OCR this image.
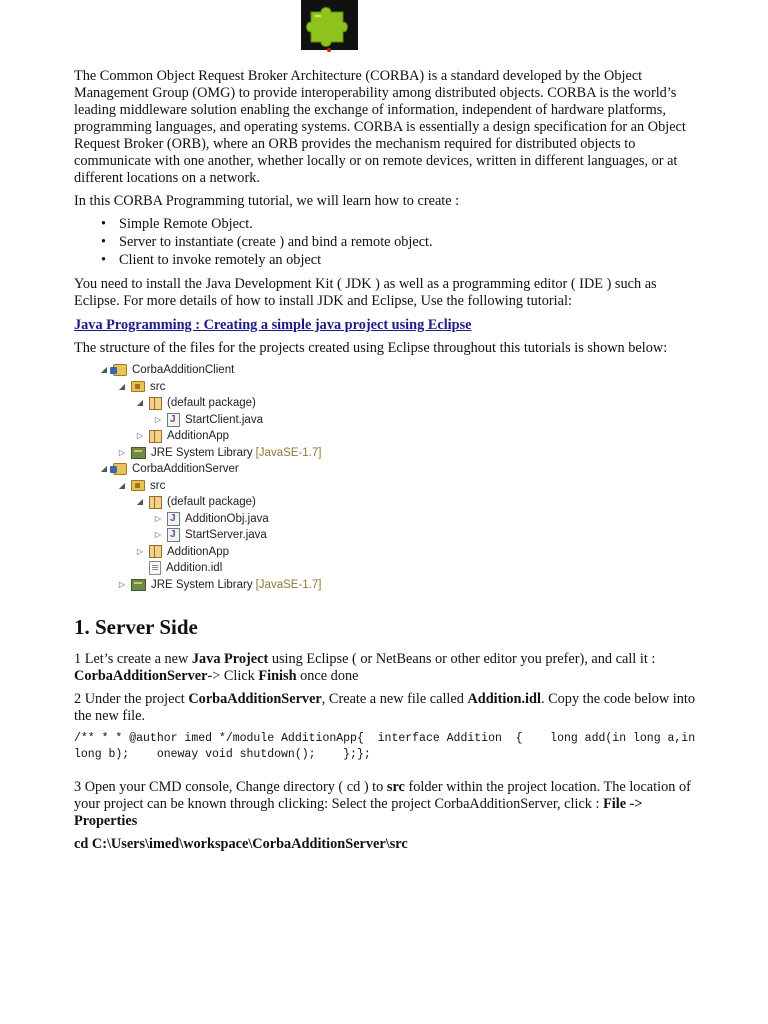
The Common Object Request Broker Architecture (CORBA) is a standard developed by the Object Management Group (OMG) to provide interoperability among distributed objects. CORBA is the world’s leading middleware solution enabling the exchange of information, independent of hardware platforms, programming languages, and operating systems. CORBA is essentially a design specification for an Object Request Broker (ORB), where an ORB provides the mechanism required for distributed objects to communicate with one another, whether locally or on remote devices, written in different languages, or at different locations on a network.

In this CORBA Programming tutorial, we will learn how to create :

• Simple Remote Object.
• Server to instantiate (create ) and bind a remote object.
• Client to invoke remotely an object

You need to install the Java Development Kit ( JDK ) as well as a programming editor ( IDE ) such as Eclipse. For more details of how to install JDK and Eclipse, Use the following tutorial:

Java Programming : Creating a simple java project using Eclipse

The structure of the files for the projects created using Eclipse throughout this tutorials is shown below:

◢ CorbaAdditionClient
◢ src
◢ (default package)
▷ J StartClient.java
▷ AdditionApp
▷ JRE System Library [JavaSE-1.7]
◢ CorbaAdditionServer
◢ src
◢ (default package)
▷ J AdditionObj.java
▷ J StartServer.java
▷ AdditionApp
Addition.idl
▷ JRE System Library [JavaSE-1.7]
1. Server Side

1 Let’s create a new Java Project using Eclipse ( or NetBeans or other editor you prefer), and call it : CorbaAdditionServer-> Click Finish once done

2 Under the project CorbaAdditionServer, Create a new file called Addition.idl. Copy the code below into the new file.

/** * * @author imed */module AdditionApp{  interface Addition  {    long add(in long a,in long b);    oneway void shutdown();    };};

3 Open your CMD console, Change directory ( cd ) to src folder within the project location. The location of your project can be known through clicking: Select the project CorbaAdditionServer, click : File -> Properties

cd C:\Users\imed\workspace\CorbaAdditionServer\src
